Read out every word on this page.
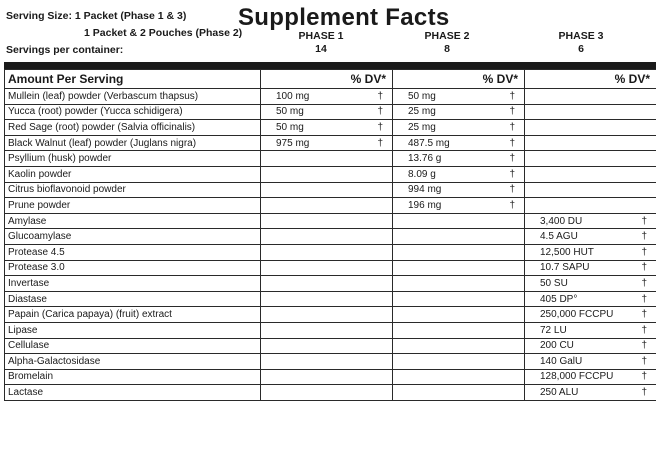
Serving Size: 1 Packet (Phase 1 & 3)
1 Packet & 2 Pouches (Phase 2)
Servings per container:
Supplement Facts
PHASE 1
14
PHASE 2
8
PHASE 3
6
Amount Per Serving	% DV*	% DV*	% DV*
Mullein (leaf) powder (Verbascum thapsus)	100 mg †	50 mg †	

Yucca (root) powder (Yucca schidigera)	50 mg †	25 mg †	

Red Sage (root) powder (Salvia officinalis)	50 mg †	25 mg †	

Black Walnut (leaf) powder (Juglans nigra)	975 mg †	487.5 mg †	

Psyllium (husk) powder		13.76 g †	

Kaolin powder		8.09 g †	

Citrus bioflavonoid powder		994 mg †	

Prune powder		196 mg †	

Amylase			3,400 DU †

Glucoamylase			4.5 AGU †

Protease 4.5			12,500 HUT †

Protease 3.0			10.7 SAPU †

Invertase			50 SU †

Diastase			405 DP° †

Papain (Carica papaya) (fruit) extract			250,000 FCCPU †

Lipase			72 LU †

Cellulase			200 CU †

Alpha-Galactosidase			140 GalU †

Bromelain			128,000 FCCPU †

Lactase			250 ALU †
